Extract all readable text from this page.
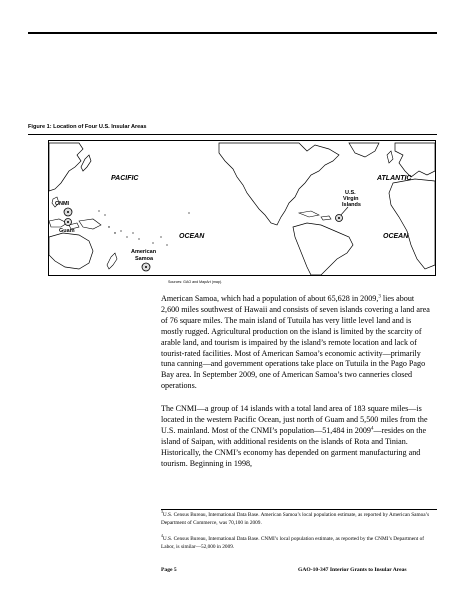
Figure 1: Location of Four U.S. Insular Areas
PACIFIC	ATLANTIC
OCEAN	OCEAN
CNMI
Guam
American
Samoa
U.S.
Virgin
Islands
Sources: GAO and MapArt (map).
American Samoa, which had a population of about 65,628 in 2009,$^3$ lies about 2,600 miles southwest of Hawaii and consists of seven islands covering a land area of 76 square miles. The main island of Tutuila has very little level land and is mostly rugged. Agricultural production on the island is limited by the scarcity of arable land, and tourism is impaired by the island’s remote location and lack of tourist-rated facilities. Most of American Samoa’s economic activity—primarily tuna canning—and government operations take place on Tutuila in the Pago Pago Bay area. In September 2009, one of American Samoa’s two canneries closed operations.
The CNMI—a group of 14 islands with a total land area of 183 square miles—is located in the western Pacific Ocean, just north of Guam and 5,500 miles from the U.S. mainland. Most of the CNMI’s population—51,484 in 2009$^4$—resides on the island of Saipan, with additional residents on the islands of Rota and Tinian. Historically, the CNMI’s economy has depended on garment manufacturing and tourism. Beginning in 1998,
$^3$U.S. Census Bureau, International Data Base. American Samoa’s local population estimate, as reported by American Samoa’s Department of Commerce, was 70,100 in 2009.
$^4$U.S. Census Bureau, International Data Base. CNMI’s local population estimate, as reported by the CNMI’s Department of Labor, is similar—52,000 in 2009.
Page 5	GAO-10-347 Interior Grants to Insular Areas
